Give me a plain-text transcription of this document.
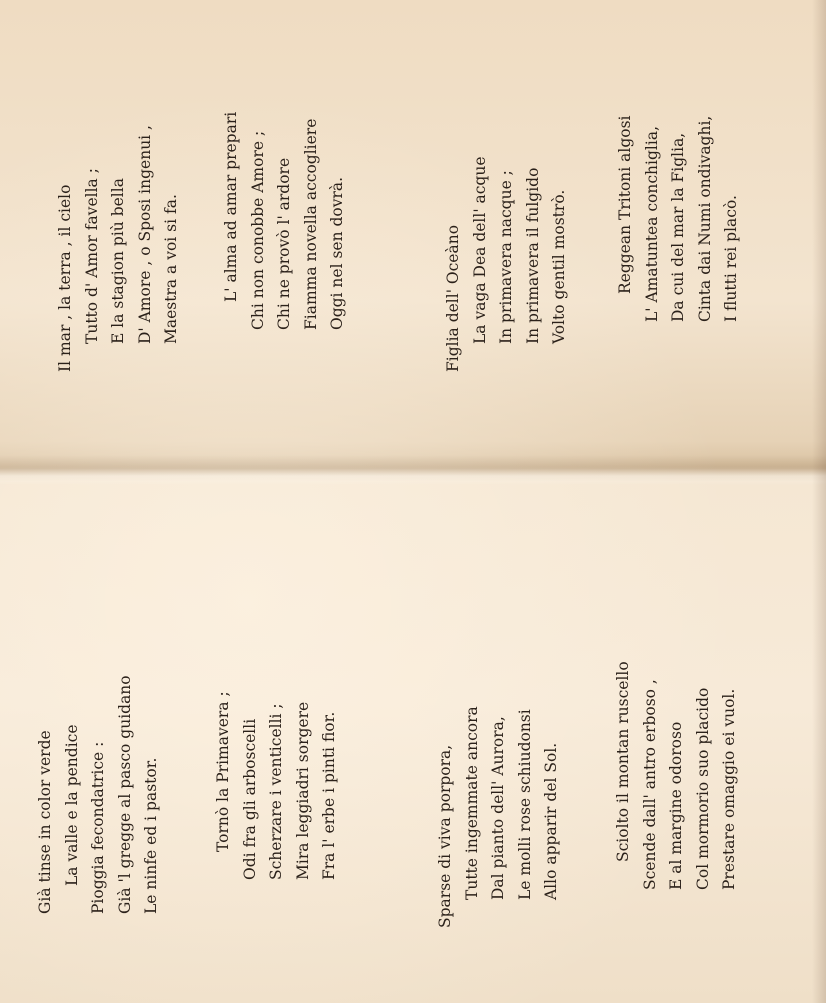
Già tinse in color verde La valle e la pendice Pioggia fecondatrice : Già 'l gregge al pasco guidano Le ninfe ed i pastor.	Tornò la Primavera ; Odi fra gli arboscelli Scherzare i venticelli ; Mira leggiadri sorgere Fra l' erbe i pinti fior.	Sparse di viva porpora, Tutte ingemmate ancora Dal pianto dell' Aurora, Le molli rose schiudonsi Allo apparir del Sol.	Sciolto il montan ruscello Scende dall' antro erboso , E al margine odoroso Col mormorio suo placido Prestare omaggio ei vuol.
Il mar , la terra , il cielo Tutto d' Amor favella ; E la stagion più bella D' Amore , o Sposi ingenui , Maestra a voi si fa.	L' alma ad amar prepari Chi non conobbe Amore ; Chi ne provò l' ardore Fiamma novella accogliere Oggi nel sen dovrà.	Figlia dell' Oceàno La vaga Dea dell' acque In primavera nacque ; In primavera il fulgido Volto gentil mostrò.	Reggean Tritoni algosi L' Amatuntea conchiglia, Da cui del mar la Figlia, Cinta dai Numi ondivaghi, I flutti rei placò.
